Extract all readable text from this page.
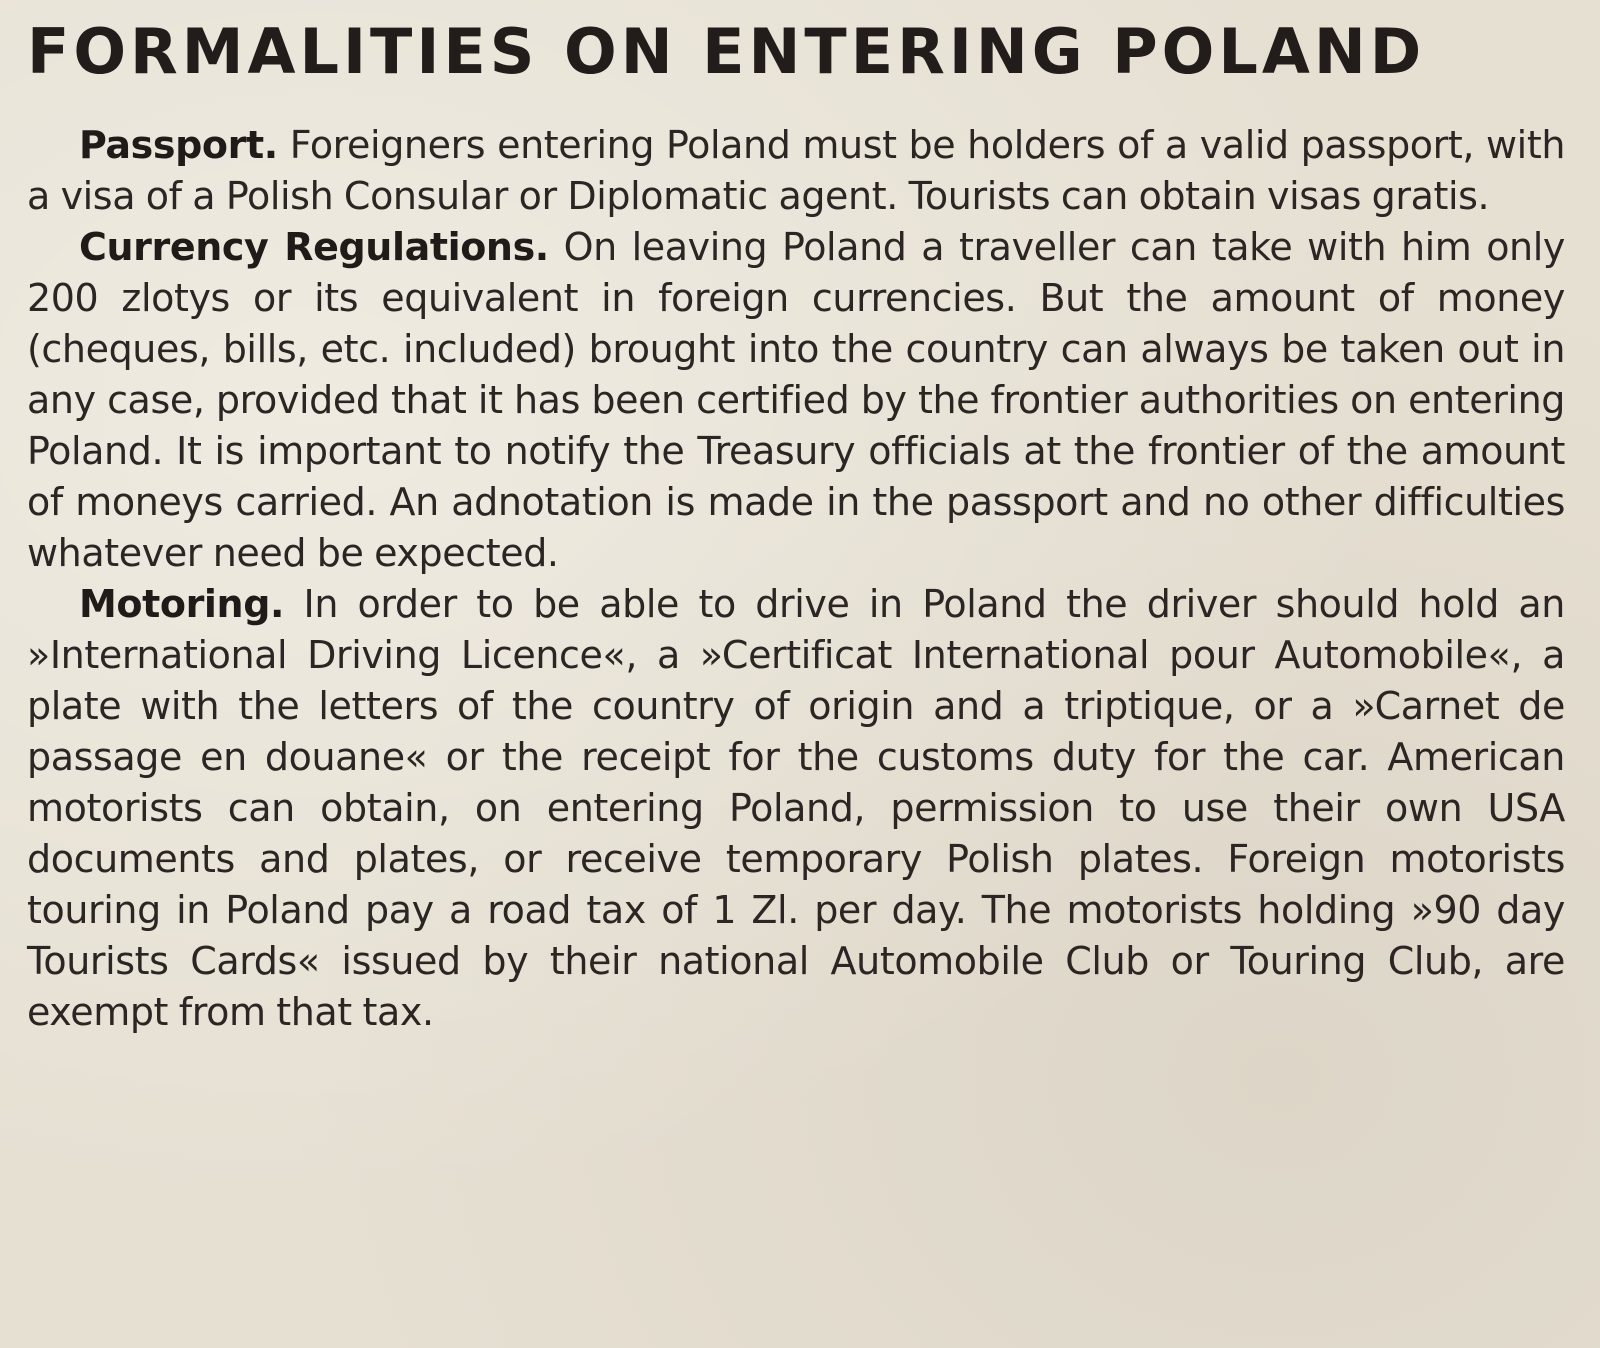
FORMALITIES ON ENTERING POLAND

Passport. Foreigners entering Poland must be holders of a valid passport, with a visa of a Polish Consular or Diplomatic agent. Tourists can obtain visas gratis.

Currency Regulations. On leaving Poland a traveller can take with him only 200 zlotys or its equivalent in foreign currencies. But the amount of money (cheques, bills, etc. included) brought into the country can always be taken out in any case, provided that it has been certified by the frontier authorities on entering Poland. It is important to notify the Treasury officials at the frontier of the amount of moneys carried. An adnotation is made in the passport and no other difficulties whatever need be expected.

Motoring. In order to be able to drive in Poland the driver should hold an »International Driving Licence«, a »Certificat International pour Automobile«, a plate with the letters of the country of origin and a triptique, or a »Carnet de passage en douane« or the receipt for the customs duty for the car. American motorists can obtain, on entering Poland, permission to use their own USA documents and plates, or receive temporary Polish plates. Foreign motorists touring in Poland pay a road tax of 1 Zl. per day. The motorists holding »90 day Tourists Cards« issued by their national Automobile Club or Touring Club, are exempt from that tax.
